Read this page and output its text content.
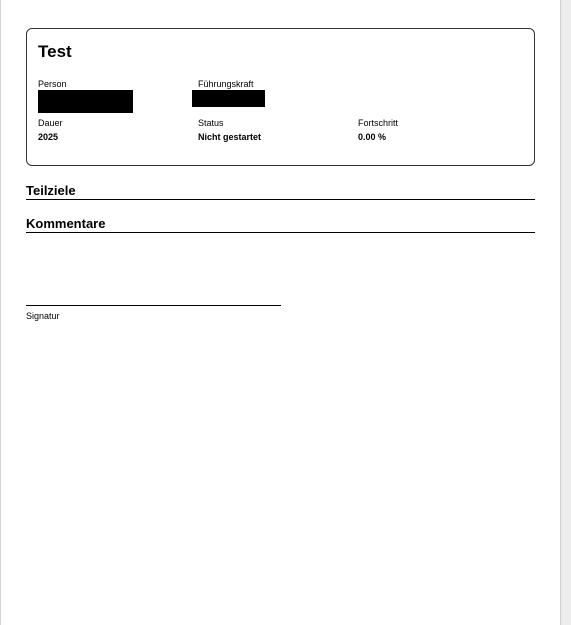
Test
Person	Führungskraft
Dauer
2025
Status
Nicht gestartet
Fortschritt
0.00 %
Teilziele
Kommentare
Signatur
